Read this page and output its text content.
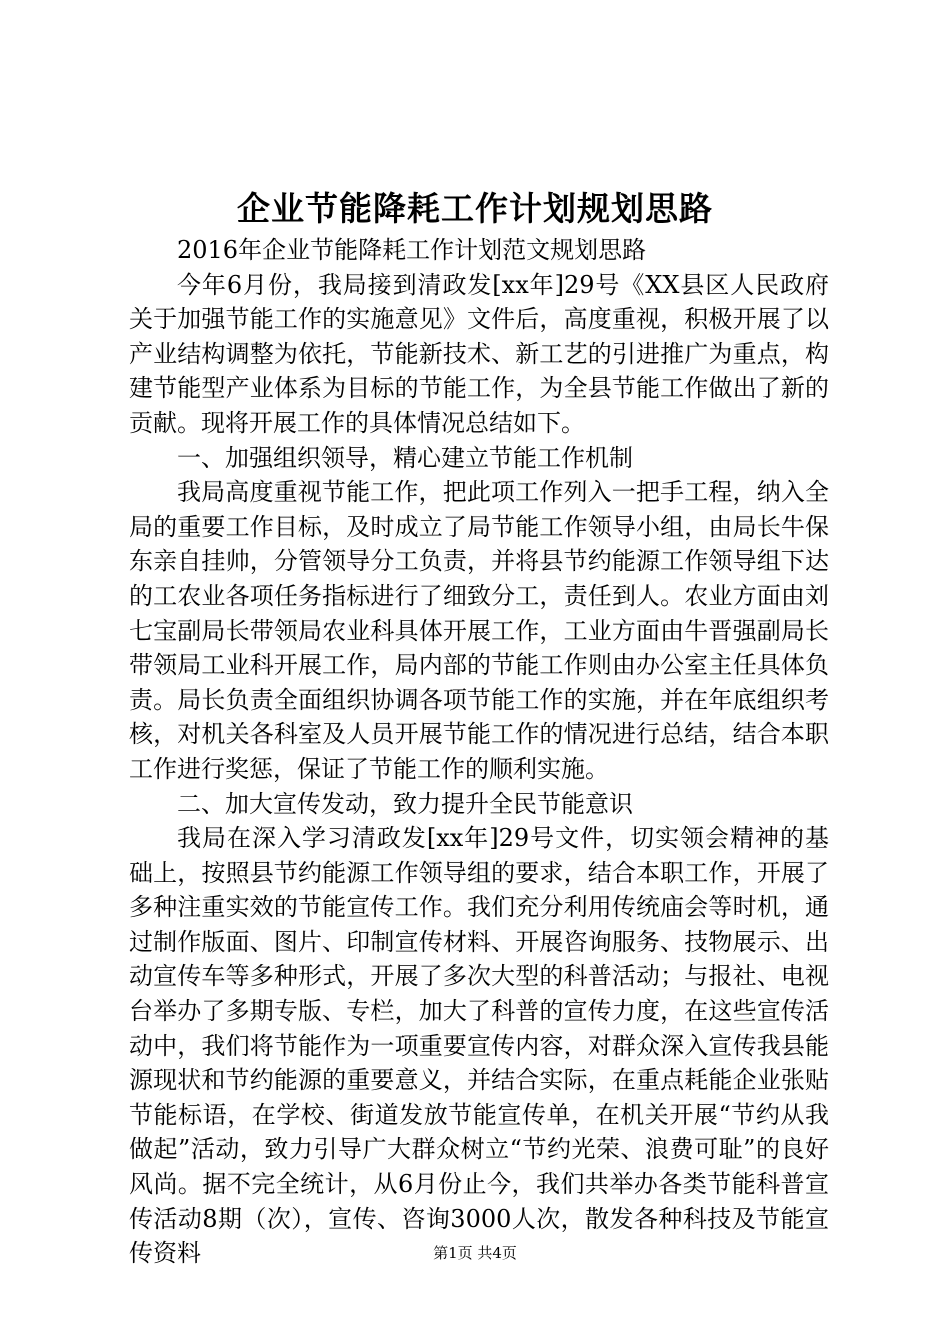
企业节能降耗工作计划规划思路

2016年企业节能降耗工作计划范文规划思路

今年6月份，我局接到清政发[xx年]29号《XX县区人民政府关于加强节能工作的实施意见》文件后，高度重视，积极开展了以产业结构调整为依托，节能新技术、新工艺的引进推广为重点，构建节能型产业体系为目标的节能工作，为全县节能工作做出了新的贡献。现将开展工作的具体情况总结如下。

一、加强组织领导，精心建立节能工作机制

我局高度重视节能工作，把此项工作列入一把手工程，纳入全局的重要工作目标，及时成立了局节能工作领导小组，由局长牛保东亲自挂帅，分管领导分工负责，并将县节约能源工作领导组下达的工农业各项任务指标进行了细致分工，责任到人。农业方面由刘七宝副局长带领局农业科具体开展工作，工业方面由牛晋强副局长带领局工业科开展工作，局内部的节能工作则由办公室主任具体负责。局长负责全面组织协调各项节能工作的实施，并在年底组织考核，对机关各科室及人员开展节能工作的情况进行总结，结合本职工作进行奖惩，保证了节能工作的顺利实施。

二、加大宣传发动，致力提升全民节能意识

我局在深入学习清政发[xx年]29号文件，切实领会精神的基础上，按照县节约能源工作领导组的要求，结合本职工作，开展了多种注重实效的节能宣传工作。我们充分利用传统庙会等时机，通过制作版面、图片、印制宣传材料、开展咨询服务、技物展示、出动宣传车等多种形式，开展了多次大型的科普活动；与报社、电视台举办了多期专版、专栏，加大了科普的宣传力度，在这些宣传活动中，我们将节能作为一项重要宣传内容，对群众深入宣传我县能源现状和节约能源的重要意义，并结合实际，在重点耗能企业张贴节能标语，在学校、街道发放节能宣传单，在机关开展“节约从我做起”活动，致力引导广大群众树立“节约光荣、浪费可耻”的良好风尚。据不完全统计，从6月份止今，我们共举办各类节能科普宣传活动8期（次），宣传、咨询3000人次，散发各种科技及节能宣传资料	第1页 共4页
